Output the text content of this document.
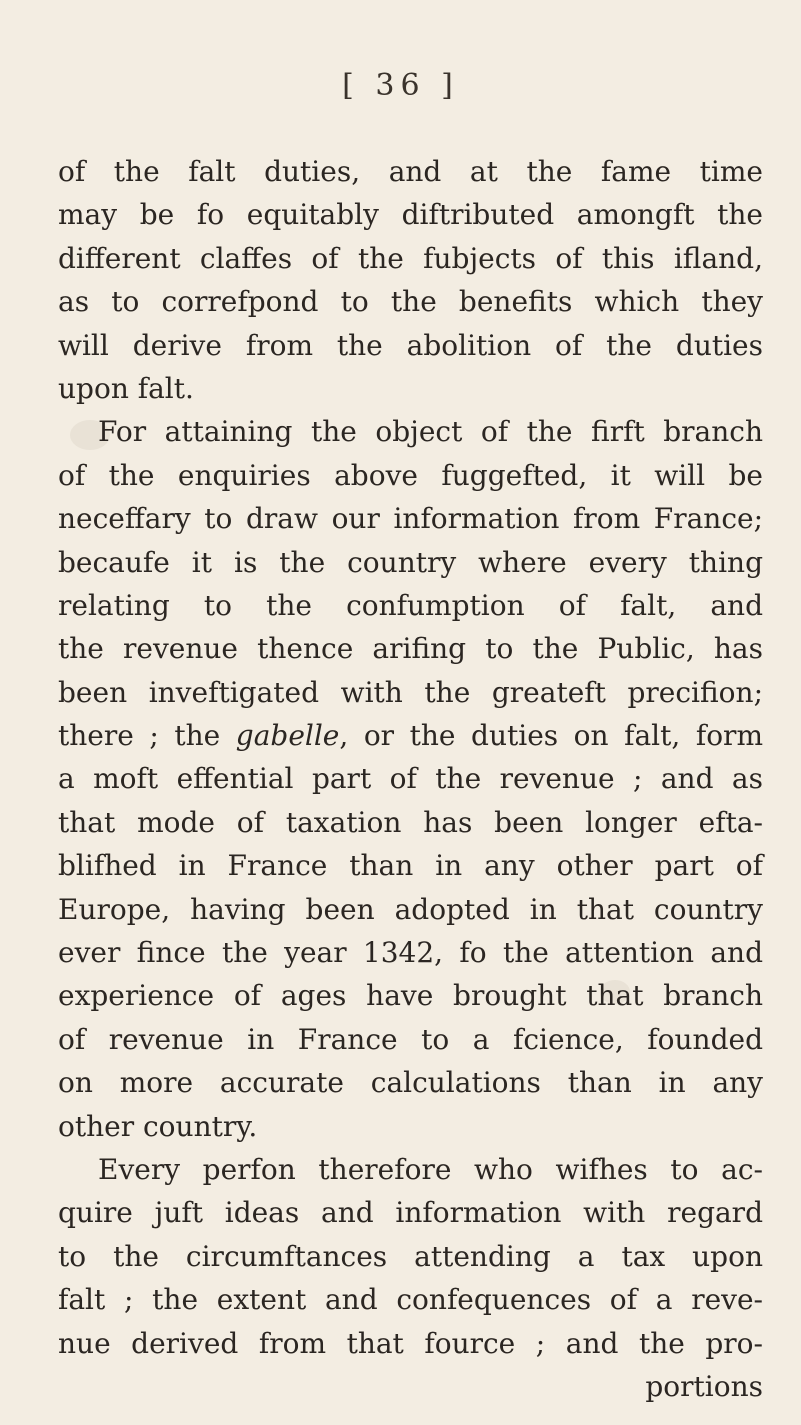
[ 36 ]
of the falt duties, and at the fame time
may be fo equitably diftributed amongft the
different claffes of the fubjects of this ifland,
as to correfpond to the benefits which they
will derive from the abolition of the duties
upon falt.
For attaining the object of the firft branch
of the enquiries above fuggefted, it will be
neceffary to draw our information from France;
becaufe it is the country where every thing
relating to the confumption of falt, and
the revenue thence arifing to the Public, has
been inveftigated with the greateft precifion;
there ; the gabelle, or the duties on falt, form
a moft effential part of the revenue ; and as
that mode of taxation has been longer efta-
blifhed in France than in any other part of
Europe, having been adopted in that country
ever fince the year 1342, fo the attention and
experience of ages have brought that branch
of revenue in France to a fcience, founded
on more accurate calculations than in any
other country.
Every perfon therefore who wifhes to ac-
quire juft ideas and information with regard
to the circumftances attending a tax upon
falt ; the extent and confequences of a reve-
nue derived from that fource ; and the pro-
portions
